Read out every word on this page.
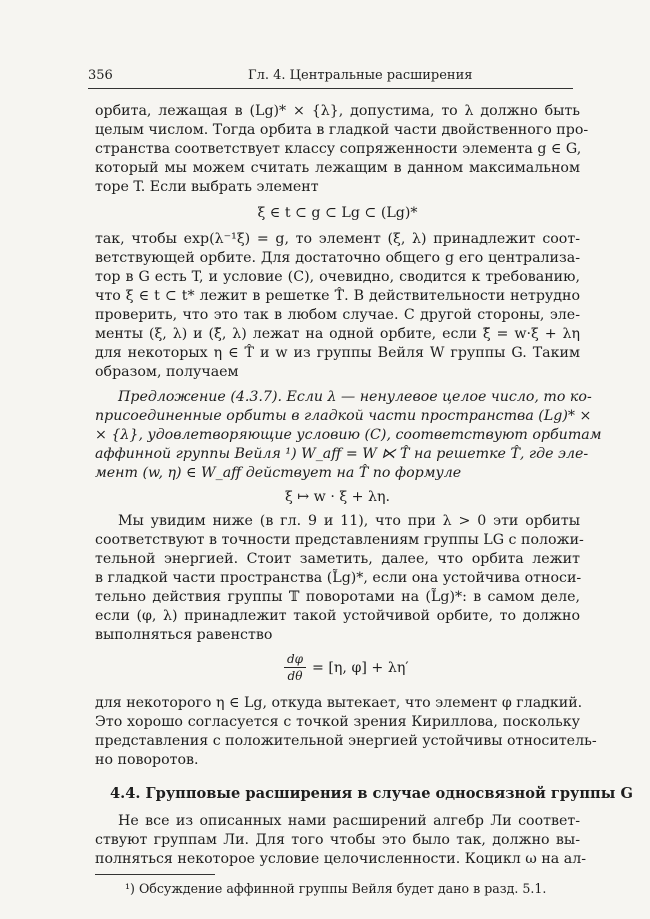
356	Гл. 4. Центральные расширения
орбита, лежащая в (Lg)* × {λ}, допустима, то λ должно быть
целым числом. Тогда орбита в гладкой части двойственного про-
странства соответствует классу сопряженности элемента g ∈ G,
который мы можем считать лежащим в данном максимальном
торе T. Если выбрать элемент
ξ ∈ t ⊂ g ⊂ Lg ⊂ (Lg)*
так, чтобы exp(λ⁻¹ξ) = g, то элемент (ξ, λ) принадлежит соот-
ветствующей орбите. Для достаточно общего g его централиза-
тор в G есть T, и условие (C), очевидно, сводится к требованию,
что ξ ∈ t ⊂ t* лежит в решетке T̂. В действительности нетрудно
проверить, что это так в любом случае. С другой стороны, эле-
менты (ξ, λ) и (ξ̃, λ) лежат на одной орбите, если ξ̃ = w·ξ + λη
для некоторых η ∈ T̂ и w из группы Вейля W группы G. Таким
образом, получаем
Предложение (4.3.7). Если λ — ненулевое целое число, то ко-
присоединенные орбиты в гладкой части пространства (Lg)* ×
× {λ}, удовлетворяющие условию (C), соответствуют орбитам
аффинной группы Вейля ¹) W_aff = W ⋉ T̂ на решетке T̂, где эле-
мент (w, η) ∈ W_aff действует на T̂ по формуле
ξ ↦ w · ξ + λη.
Мы увидим ниже (в гл. 9 и 11), что при λ > 0 эти орбиты
соответствуют в точности представлениям группы LG с положи-
тельной энергией. Стоит заметить, далее, что орбита лежит
в гладкой части пространства (L̃g)*, если она устойчива относи-
тельно действия группы 𝕋 поворотами на (L̃g)*: в самом деле,
если (φ, λ) принадлежит такой устойчивой орбите, то должно
выполняться равенство
dφ
dθ = [η, φ] + λη′
для некоторого η ∈ Lg, откуда вытекает, что элемент φ гладкий.
Это хорошо согласуется с точкой зрения Кириллова, поскольку
представления с положительной энергией устойчивы относитель-
но поворотов.
4.4. Групповые расширения в случае односвязной группы G
Не все из описанных нами расширений алгебр Ли соответ-
ствуют группам Ли. Для того чтобы это было так, должно вы-
полняться некоторое условие целочисленности. Коцикл ω на ал-
¹) Обсуждение аффинной группы Вейля будет дано в разд. 5.1.
